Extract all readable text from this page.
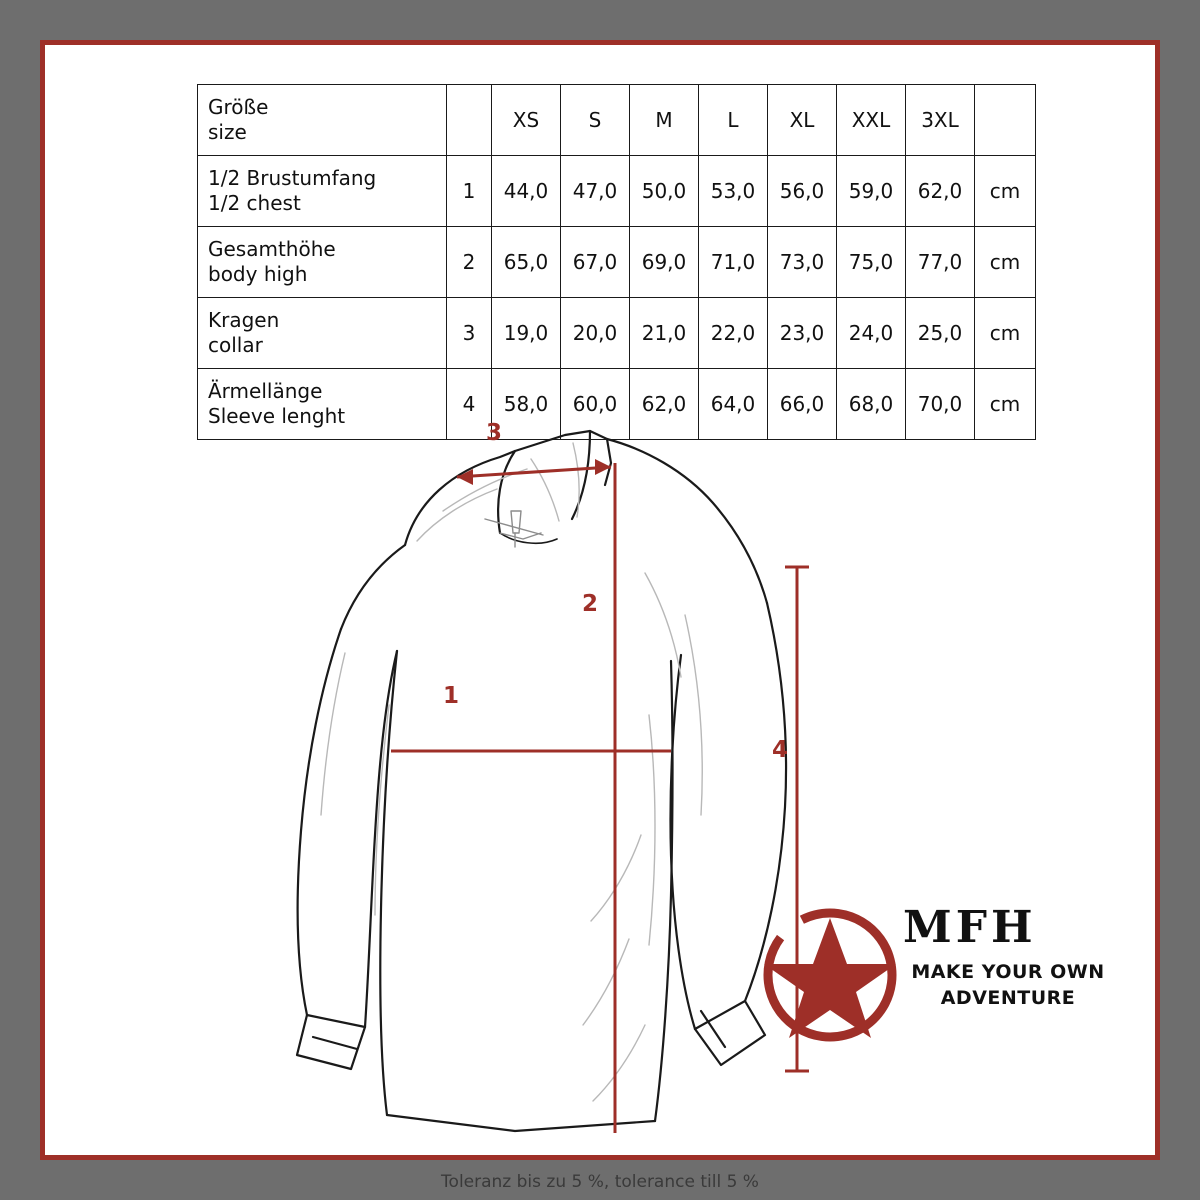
Größe
size		XS	S	M	L	XL	XXL	3XL	

1/2 Brustumfang
1/2 chest	1	44,0	47,0	50,0	53,0	56,0	59,0	62,0	cm

Gesamthöhe
body high	2	65,0	67,0	69,0	71,0	73,0	75,0	77,0	cm

Kragen
collar	3	19,0	20,0	21,0	22,0	23,0	24,0	25,0	cm

Ärmellänge
Sleeve lenght	4	58,0	60,0	62,0	64,0	66,0	68,0	70,0	cm
1
2
3
4
MFH
MAKE YOUR OWN
ADVENTURE
Toleranz bis zu 5 %, tolerance till 5 %
